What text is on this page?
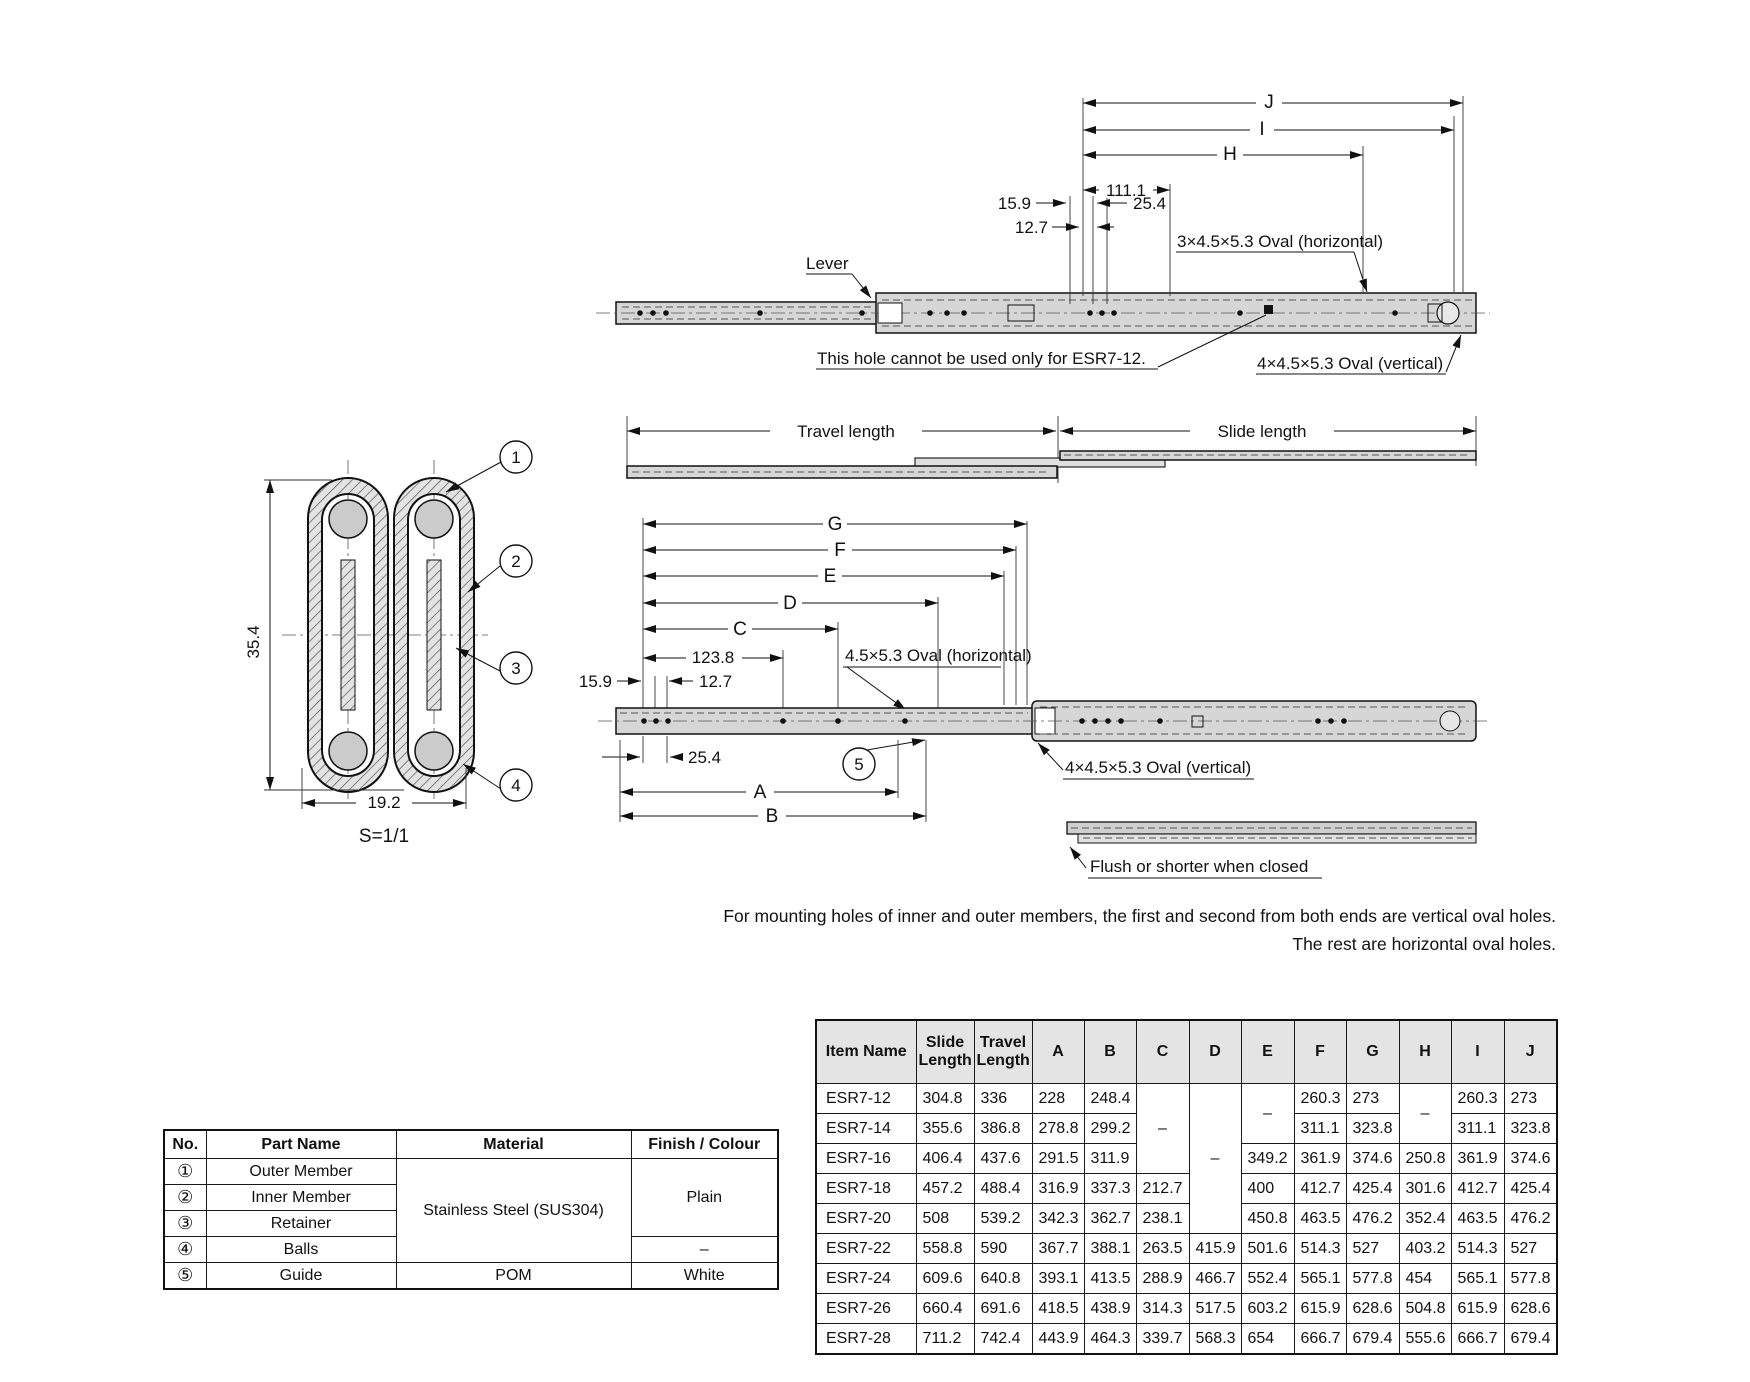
J
I
H
111.1
15.9	25.4
12.7
Lever
3×4.5×5.3 Oval (horizontal)
This hole cannot be used only for ESR7-12.	4×4.5×5.3 Oval (vertical)
Travel length	Slide length
35.4
19.2
S=1/1
1
2
3
4
G
F
E
D
C
123.8
15.9	12.7
4.5×5.3 Oval (horizontal)
25.4	5	4×4.5×5.3 Oval (vertical)
A
B
Flush or shorter when closed
For mounting holes of inner and outer members, the first and second from both ends are vertical oval holes.
The rest are horizontal oval holes.
Item Name	Slide Length	Travel Length	A	B	C	D	E	F	G	H	I	J
ESR7-12	304.8	336	228	248.4	–	–	–	260.3	273	–	260.3	273
ESR7-14	355.6	386.8	278.8	299.2				311.1	323.8		311.1	323.8
ESR7-16	406.4	437.6	291.5	311.9			349.2	361.9	374.6	250.8	361.9	374.6
ESR7-18	457.2	488.4	316.9	337.3	212.7		400	412.7	425.4	301.6	412.7	425.4
ESR7-20	508	539.2	342.3	362.7	238.1		450.8	463.5	476.2	352.4	463.5	476.2
ESR7-22	558.8	590	367.7	388.1	263.5	415.9	501.6	514.3	527	403.2	514.3	527
ESR7-24	609.6	640.8	393.1	413.5	288.9	466.7	552.4	565.1	577.8	454	565.1	577.8
ESR7-26	660.4	691.6	418.5	438.9	314.3	517.5	603.2	615.9	628.6	504.8	615.9	628.6
ESR7-28	711.2	742.4	443.9	464.3	339.7	568.3	654	666.7	679.4	555.6	666.7	679.4
No.	Part Name	Material	Finish / Colour
①	Outer Member	Stainless Steel (SUS304)	Plain
②	Inner Member		
③	Retainer		
④	Balls		–
⑤	Guide	POM	White
